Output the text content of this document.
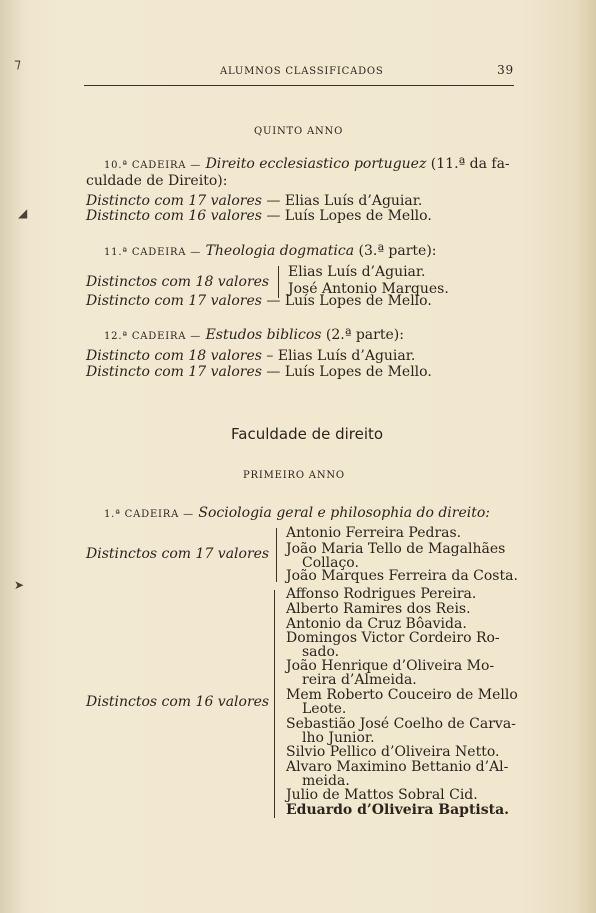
⁊
◢
➤
ALUMNOS CLASSIFICADOS	39
QUINTO ANNO
10.ª CADEIRA — Direito ecclesiastico portuguez (11.ª da fa-
culdade de Direito):
Distincto com 17 valores — Elias Luís d’Aguiar.
Distincto com 16 valores — Luís Lopes de Mello.
11.ª CADEIRA — Theologia dogmatica (3.ª parte):
Distinctos com 18 valores
Elias Luís d’Aguiar.
José Antonio Marques.
Distincto com 17 valores — Luís Lopes de Mello.
12.ª CADEIRA — Estudos biblicos (2.ª parte):
Distincto com 18 valores – Elias Luís d’Aguiar.
Distincto com 17 valores — Luís Lopes de Mello.
Faculdade de direito
PRIMEIRO ANNO
1.ª CADEIRA — Sociologia geral e philosophia do direito:
Distinctos com 17 valores
Antonio Ferreira Pedras.
João Maria Tello de Magalhães
Collaço.
João Marques Ferreira da Costa.
Distinctos com 16 valores
Affonso Rodrigues Pereira.
Alberto Ramires dos Reis.
Antonio da Cruz Bôavida.
Domingos Victor Cordeiro Ro-
sado.
João Henrique d’Oliveira Mo-
reira d’Almeida.
Mem Roberto Couceiro de Mello
Leote.
Sebastião José Coelho de Carva-
lho Junior.
Silvio Pellico d’Oliveira Netto.
Alvaro Maximino Bettanio d’Al-
meida.
Julio de Mattos Sobral Cid.
Eduardo d’Oliveira Baptista.
